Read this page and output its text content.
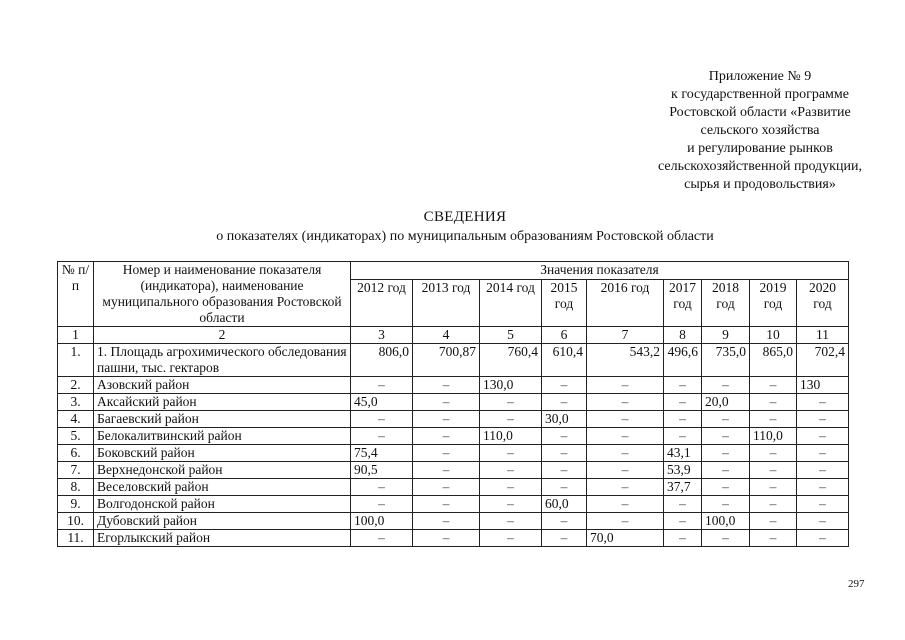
Приложение № 9
к государственной программе
Ростовской области «Развитие
сельского хозяйства
и регулирование рынков
сельскохозяйственной продукции,
сырья и продовольствия»
СВЕДЕНИЯ
о показателях (индикаторах) по муниципальным образованиям Ростовской области
№ п/п	Номер и наименование показателя (индикатора), наименование муниципального образования Ростовской области	Значения показателя								
		2012 год	2013 год	2014 год	2015 год	2016 год	2017 год	2018 год	2019 год	2020 год
1	2	3	4	5	6	7	8	9	10	11
1.	1. Площадь агрохимического обследования пашни, тыс. гектаров	806,0	700,87	760,4	610,4	543,2	496,6	735,0	865,0	702,4
2.	Азовский район	–	–	130,0	–	–	–	–	–	130
3.	Аксайский район	45,0	–	–	–	–	–	20,0	–	–
4.	Багаевский район	–	–	–	30,0	–	–	–	–	–
5.	Белокалитвинский район	–	–	110,0	–	–	–	–	110,0	–
6.	Боковский район	75,4	–	–	–	–	43,1	–	–	–
7.	Верхнедонской район	90,5	–	–	–	–	53,9	–	–	–
8.	Веселовский район	–	–	–	–	–	37,7	–	–	–
9.	Волгодонской район	–	–	–	60,0	–	–	–	–	–
10.	Дубовский район	100,0	–	–	–	–	–	100,0	–	–
11.	Егорлыкский район	–	–	–	–	70,0	–	–	–	–
297
